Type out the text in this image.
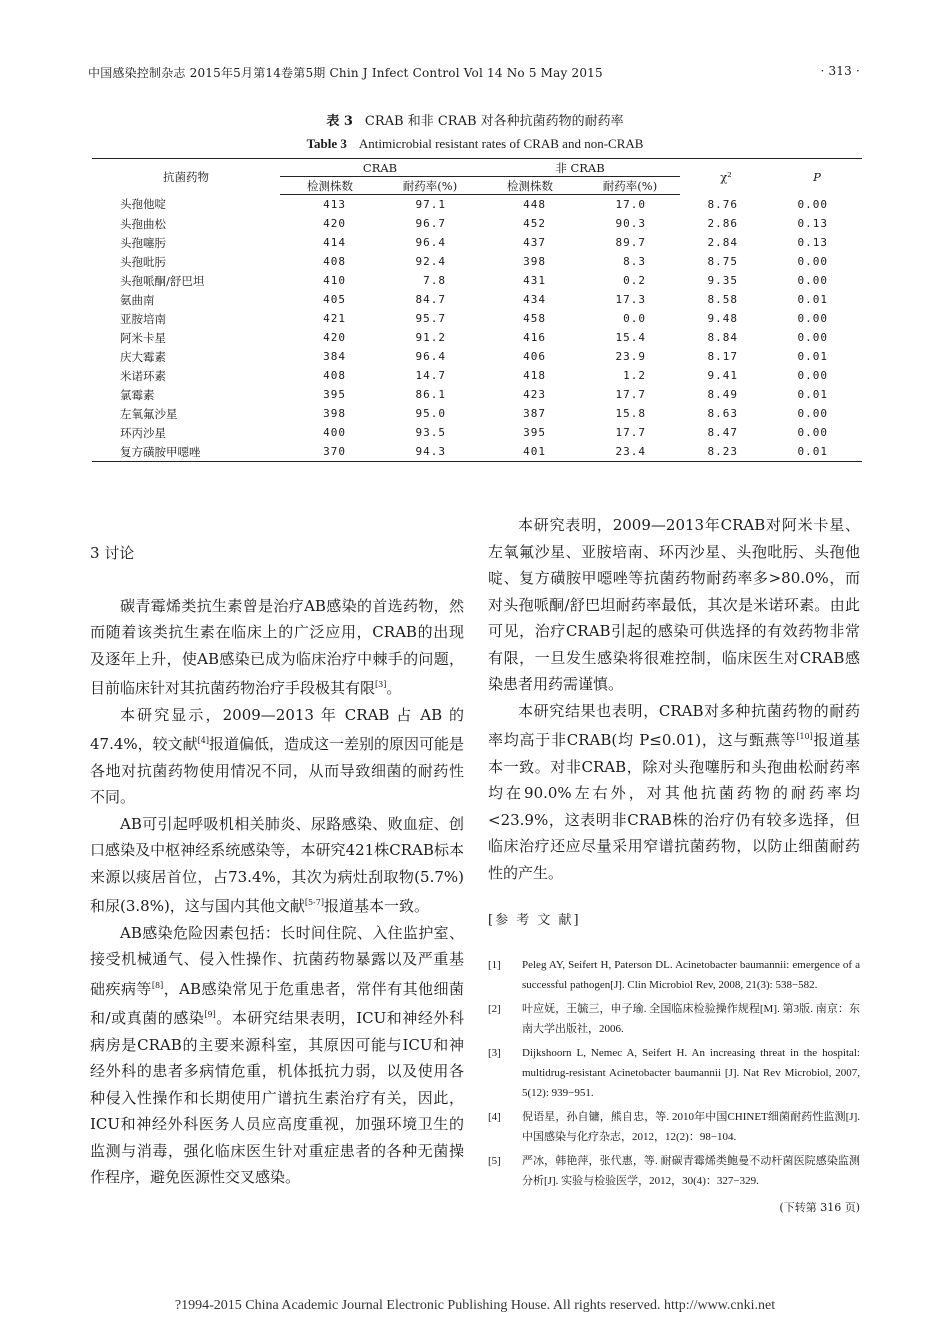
中国感染控制杂志 2015年5月第14卷第5期 Chin J Infect Control Vol 14 No 5 May 2015	· 313 ·
表 3 CRAB 和非 CRAB 对各种抗菌药物的耐药率
Table 3 Antimicrobial resistant rates of CRAB and non-CRAB
抗菌药物	CRAB		非 CRAB		χ²	P
	检测株数	耐药率(%)	检测株数	耐药率(%)		
头孢他啶	413	97.1	448	17.0	8.76	0.00
头孢曲松	420	96.7	452	90.3	2.86	0.13
头孢噻肟	414	96.4	437	89.7	2.84	0.13
头孢吡肟	408	92.4	398	8.3	8.75	0.00
头孢哌酮/舒巴坦	410	7.8	431	0.2	9.35	0.00
氨曲南	405	84.7	434	17.3	8.58	0.01
亚胺培南	421	95.7	458	0.0	9.48	0.00
阿米卡星	420	91.2	416	15.4	8.84	0.00
庆大霉素	384	96.4	406	23.9	8.17	0.01
米诺环素	408	14.7	418	1.2	9.41	0.00
氯霉素	395	86.1	423	17.7	8.49	0.01
左氧氟沙星	398	95.0	387	15.8	8.63	0.00
环丙沙星	400	93.5	395	17.7	8.47	0.00
复方磺胺甲噁唑	370	94.3	401	23.4	8.23	0.01
3 讨论

碳青霉烯类抗生素曾是治疗AB感染的首选药物，然而随着该类抗生素在临床上的广泛应用，CRAB的出现及逐年上升，使AB感染已成为临床治疗中棘手的问题，目前临床针对其抗菌药物治疗手段极其有限[3]。

本研究显示，2009—2013 年 CRAB 占 AB 的47.4%，较文献[4]报道偏低，造成这一差别的原因可能是各地对抗菌药物使用情况不同，从而导致细菌的耐药性不同。

AB可引起呼吸机相关肺炎、尿路感染、败血症、创口感染及中枢神经系统感染等，本研究421株CRAB标本来源以痰居首位，占73.4%，其次为病灶刮取物(5.7%)和尿(3.8%)，这与国内其他文献[5-7]报道基本一致。

AB感染危险因素包括：长时间住院、入住监护室、接受机械通气、侵入性操作、抗菌药物暴露以及严重基础疾病等[8]，AB感染常见于危重患者，常伴有其他细菌和/或真菌的感染[9]。本研究结果表明，ICU和神经外科病房是CRAB的主要来源科室，其原因可能与ICU和神经外科的患者多病情危重，机体抵抗力弱，以及使用各种侵入性操作和长期使用广谱抗生素治疗有关，因此，ICU和神经外科医务人员应高度重视，加强环境卫生的监测与消毒，强化临床医生针对重症患者的各种无菌操作程序，避免医源性交叉感染。

本研究表明，2009—2013年CRAB对阿米卡星、左氧氟沙星、亚胺培南、环丙沙星、头孢吡肟、头孢他啶、复方磺胺甲噁唑等抗菌药物耐药率多>80.0%，而对头孢哌酮/舒巴坦耐药率最低，其次是米诺环素。由此可见，治疗CRAB引起的感染可供选择的有效药物非常有限，一旦发生感染将很难控制，临床医生对CRAB感染患者用药需谨慎。

本研究结果也表明，CRAB对多种抗菌药物的耐药率均高于非CRAB(均 P≤0.01)，这与甄燕等[10]报道基本一致。对非CRAB，除对头孢噻肟和头孢曲松耐药率均在90.0%左右外，对其他抗菌药物的耐药率均<23.9%，这表明非CRAB株的治疗仍有较多选择，但临床治疗还应尽量采用窄谱抗菌药物，以防止细菌耐药性的产生。

[参 考 文 献]
[1] Peleg AY, Seifert H, Paterson DL. Acinetobacter baumannii: emergence of a successful pathogen[J]. Clin Microbiol Rev, 2008, 21(3): 538−582.
[2] 叶应妩，王毓三，申子瑜. 全国临床检验操作规程[M]. 第3版. 南京：东南大学出版社，2006.
[3] Dijkshoorn L, Nemec A, Seifert H. An increasing threat in the hospital: multidrug-resistant Acinetobacter baumannii [J]. Nat Rev Microbiol, 2007, 5(12): 939−951.
[4] 倪语星，孙自镛，熊自忠，等. 2010年中国CHINET细菌耐药性监测[J]. 中国感染与化疗杂志，2012，12(2)：98−104.
[5] 严冰，韩艳萍，张代惠，等. 耐碳青霉烯类鲍曼不动杆菌医院感染监测分析[J]. 实验与检验医学，2012，30(4)：327−329.
(下转第 316 页)
?1994-2015 China Academic Journal Electronic Publishing House. All rights reserved. http://www.cnki.net
